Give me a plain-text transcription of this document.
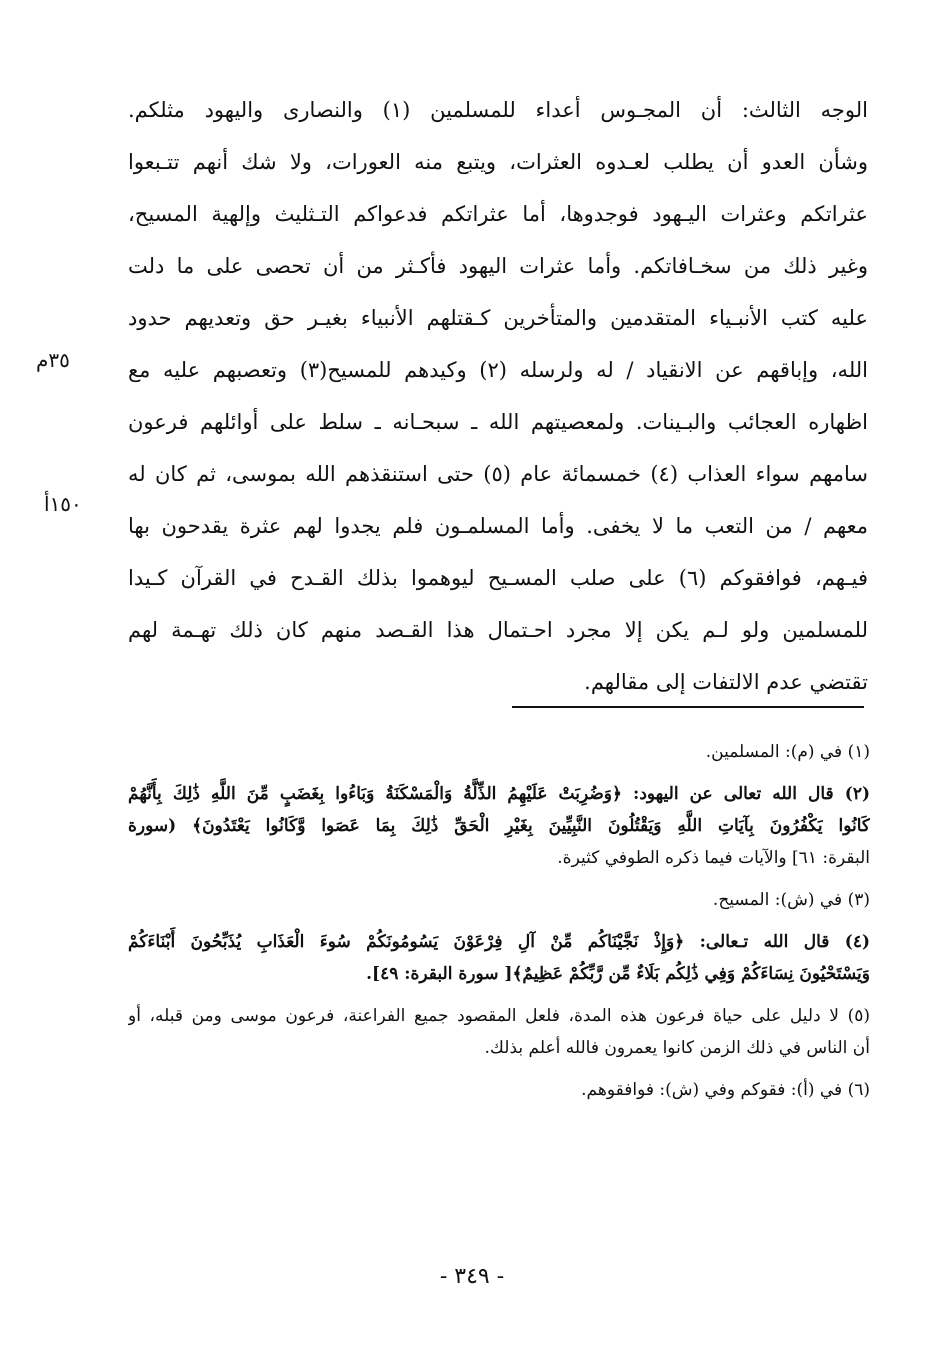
الوجه الثالث: أن المجـوس أعداء للمسلمين (١) والنصارى واليهود مثلكم.
وشأن العدو أن يطلب لعـدوه العثرات، ويتبع منه العورات، ولا شك أنهم تتـبعوا
عثراتكم وعثرات اليـهود فوجدوها، أما عثراتكم فدعواكم التـثليث وإلهية المسيح،
وغير ذلك من سخـافاتكم. وأما عثرات اليهود فأكـثر من أن تحصى على ما دلت
عليه كتب الأنبـياء المتقدمين والمتأخرين كـقتلهم الأنبياء بغيـر حق وتعديهم حدود
الله، وإباقهم عن الانقياد / له ولرسله (٢) وكيدهم للمسيح(٣) وتعصبهم عليه مع
اظهاره العجائب والبـينات. ولمعصيتهم الله ـ سبحـانه ـ سلط على أوائلهم فرعون
سامهم سواء العذاب (٤) خمسمائة عام (٥) حتى استنقذهم الله بموسى، ثم كان له
معهم / من التعب ما لا يخفى. وأما المسلمـون فلم يجدوا لهم عثرة يقدحون بها
فيـهم، فوافقوكم (٦) على صلب المسـيح ليوهموا بذلك القـدح في القرآن كـيدا
للمسلمين ولو لـم يكن إلا مجرد احـتمال هذا القـصد منهم كان ذلك تهـمة لهم
تقتضي عدم الالتفات إلى مقالهم.
٣٥م
١٥٠أ
(١) في (م): المسلمين.
(٢) قال الله تعالى عن اليهود: ﴿وَضُرِبَتْ عَلَيْهِمُ الذِّلَّةُ وَالْمَسْكَنَةُ وَبَاءُوا بِغَضَبٍ مِّنَ اللَّهِ ذَٰلِكَ بِأَنَّهُمْ
كَانُوا يَكْفُرُونَ بِآيَاتِ اللَّهِ وَيَقْتُلُونَ النَّبِيِّينَ بِغَيْرِ الْحَقِّ ذَٰلِكَ بِمَا عَصَوا وَّكَانُوا يَعْتَدُونَ﴾ (سورة
البقرة: ٦١] والآيات فيما ذكره الطوفي كثيرة.
(٣) في (ش): المسيح.
(٤) قال الله تـعالى: ﴿وَإِذْ نَجَّيْنَاكُم مِّنْ آلِ فِرْعَوْنَ يَسُومُونَكُمْ سُوءَ الْعَذَابِ يُذَبِّحُونَ أَبْنَاءَكُمْ
وَيَسْتَحْيُونَ نِسَاءَكُمْ وَفِي ذَٰلِكُم بَلَاءٌ مِّن رَّبِّكُمْ عَظِيمٌ﴾[ سورة البقرة: ٤٩].
(٥) لا دليل على حياة فرعون هذه المدة، فلعل المقصود جميع الفراعنة، فرعون موسى ومن قبله، أو
أن الناس في ذلك الزمن كانوا يعمرون فالله أعلم بذلك.
(٦) في (أ): فقوكم وفي (ش): فوافقوهم.
- ٣٤٩ -
